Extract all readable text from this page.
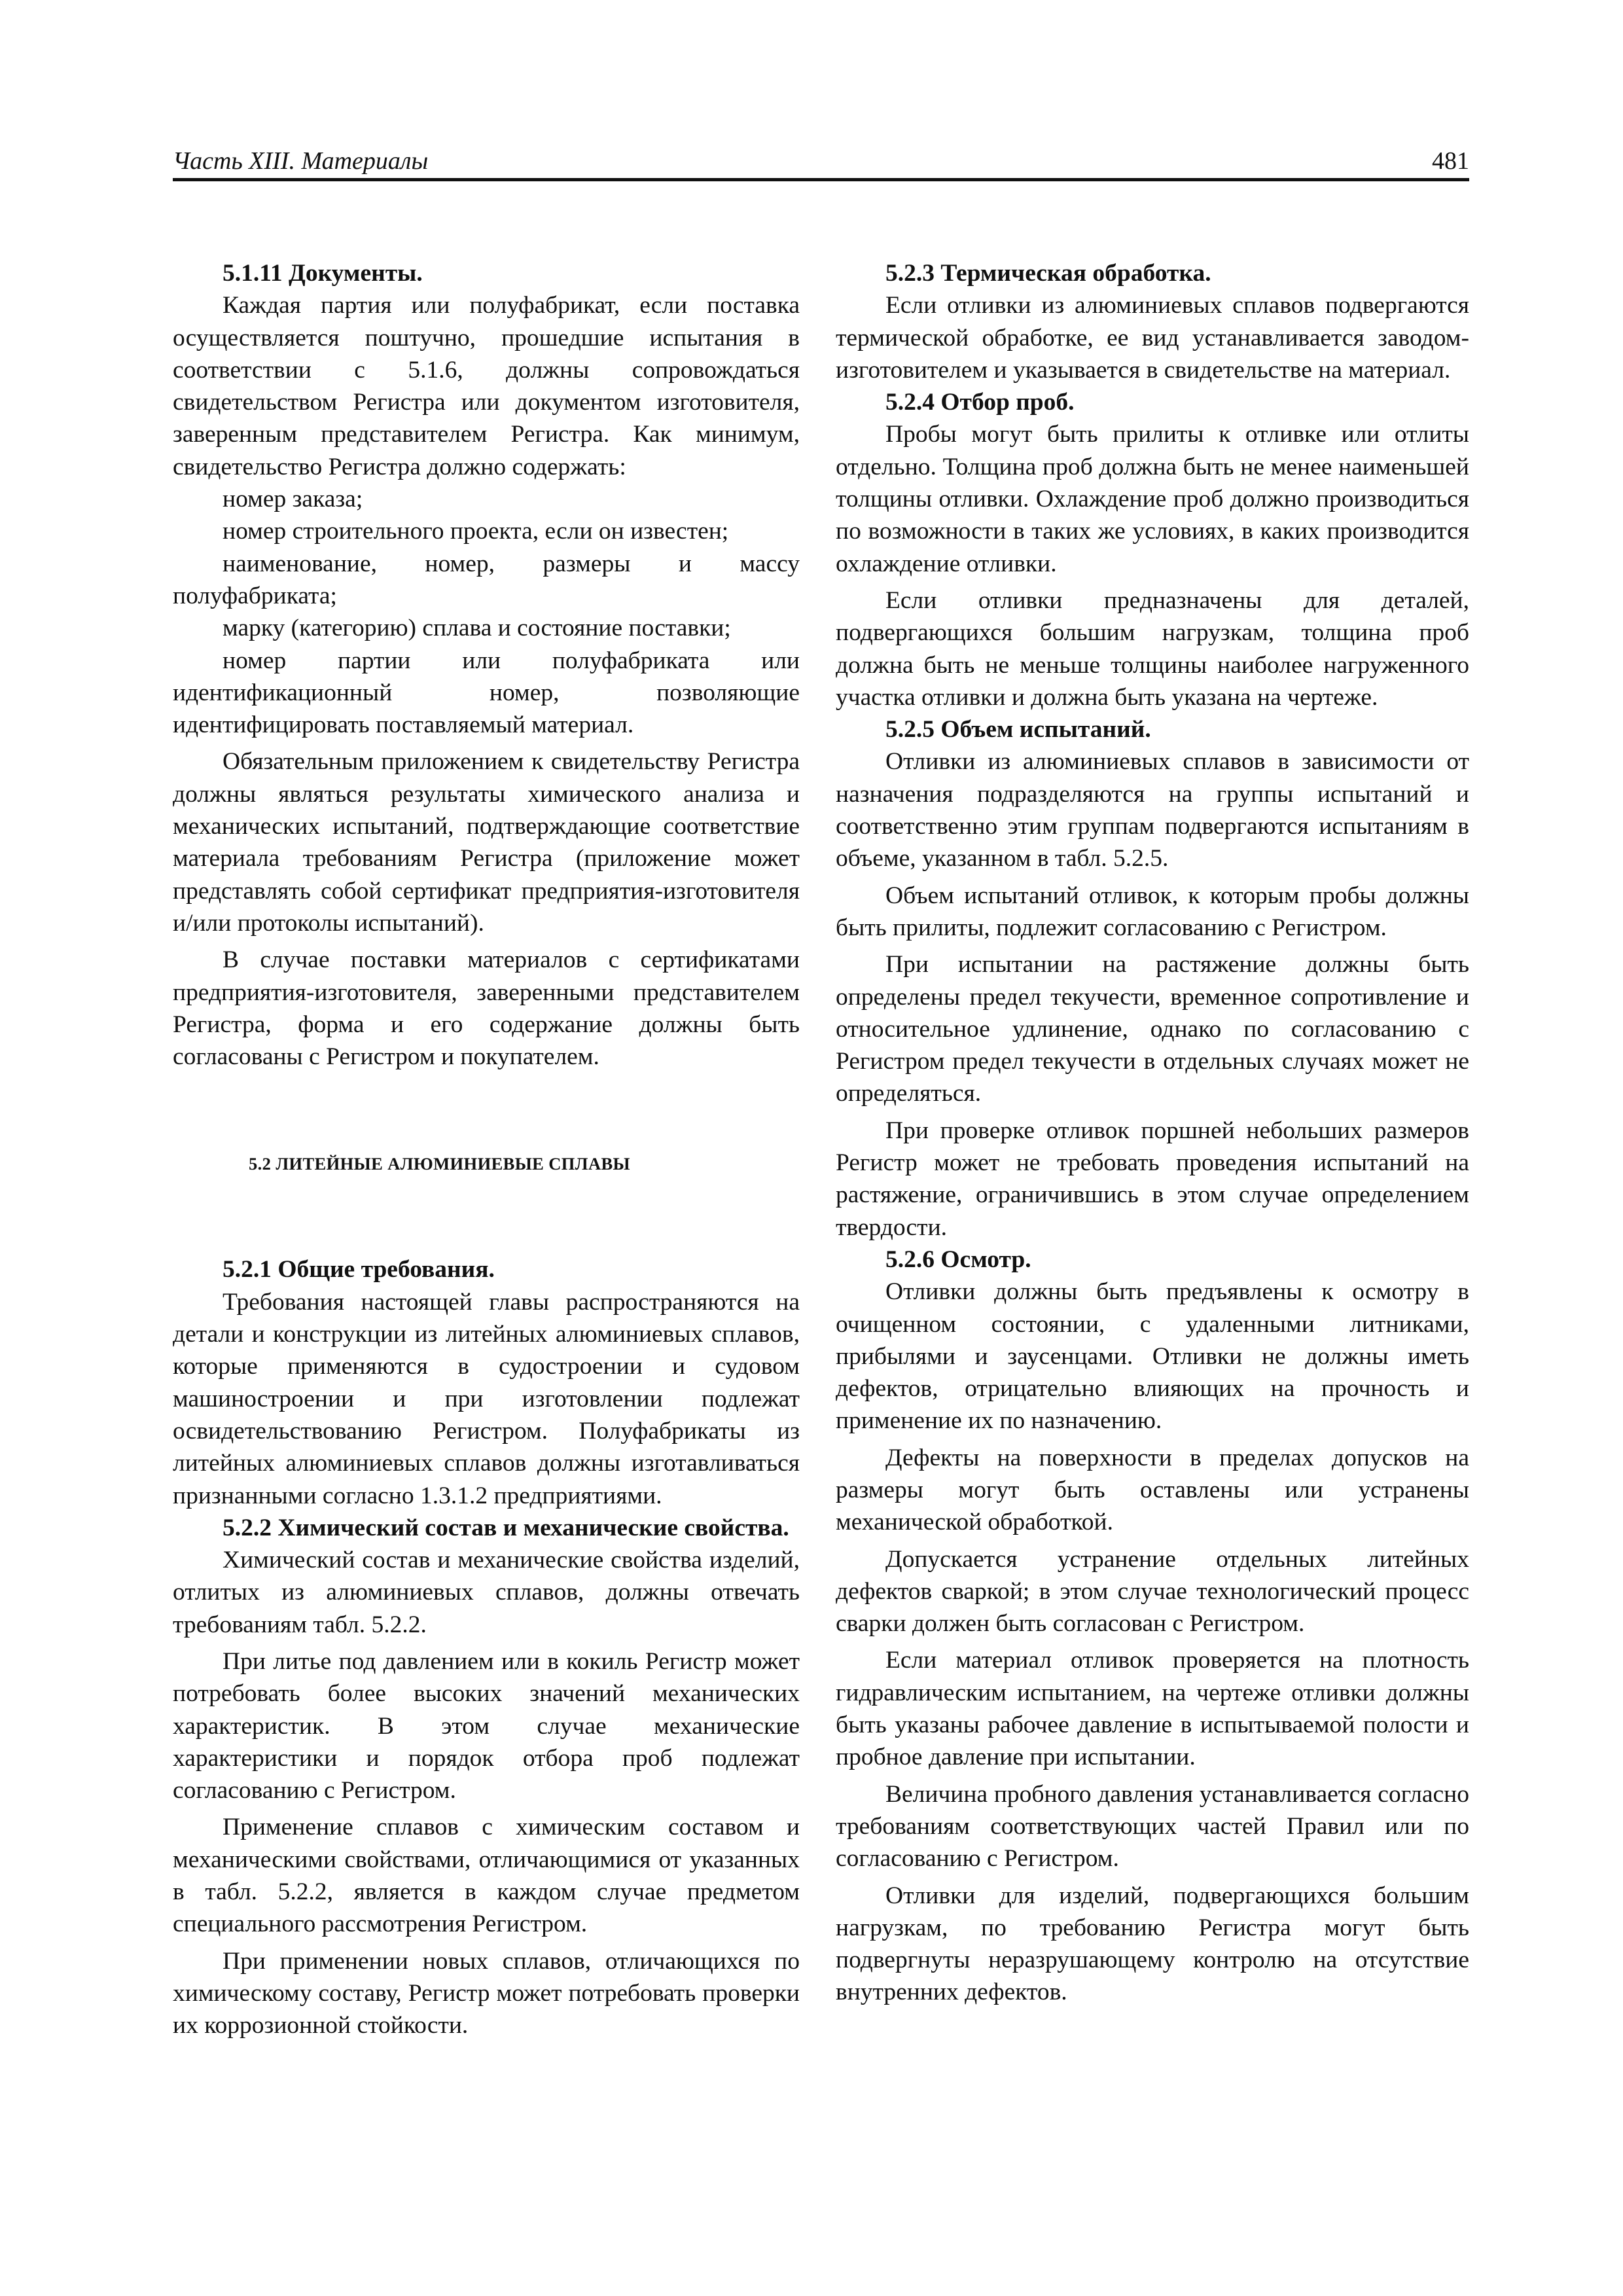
Часть XIII. Материалы	481

5.1.11 Документы.

Каждая партия или полуфабрикат, если поставка осуществляется поштучно, прошедшие испытания в соответствии с 5.1.6, должны сопровождаться свидетельством Регистра или документом изготовителя, заверенным представителем Регистра. Как минимум, свидетельство Регистра должно содержать:

номер заказа;

номер строительного проекта, если он известен;

наименование, номер, размеры и массу полуфабриката;

марку (категорию) сплава и состояние поставки;

номер партии или полуфабриката или идентификационный номер, позволяющие идентифицировать поставляемый материал.

Обязательным приложением к свидетельству Регистра должны являться результаты химического анализа и механических испытаний, подтверждающие соответствие материала требованиям Регистра (приложение может представлять собой сертификат предприятия-изготовителя и/или протоколы испытаний).

В случае поставки материалов с сертификатами предприятия-изготовителя, заверенными представителем Регистра, форма и его содержание должны быть согласованы с Регистром и покупателем.

5.2 ЛИТЕЙНЫЕ АЛЮМИНИЕВЫЕ СПЛАВЫ

5.2.1 Общие требования.

Требования настоящей главы распространяются на детали и конструкции из литейных алюминиевых сплавов, которые применяются в судостроении и судовом машиностроении и при изготовлении подлежат освидетельствованию Регистром. Полуфабрикаты из литейных алюминиевых сплавов должны изготавливаться признанными согласно 1.3.1.2 предприятиями.

5.2.2 Химический состав и механические свойства.

Химический состав и механические свойства изделий, отлитых из алюминиевых сплавов, должны отвечать требованиям табл. 5.2.2.

При литье под давлением или в кокиль Регистр может потребовать более высоких значений механических характеристик. В этом случае механические характеристики и порядок отбора проб подлежат согласованию с Регистром.

Применение сплавов с химическим составом и механическими свойствами, отличающимися от указанных в табл. 5.2.2, является в каждом случае предметом специального рассмотрения Регистром.

При применении новых сплавов, отличающихся по химическому составу, Регистр может потребовать проверки их коррозионной стойкости.

5.2.3 Термическая обработка.

Если отливки из алюминиевых сплавов подвергаются термической обработке, ее вид устанавливается заводом-изготовителем и указывается в свидетельстве на материал.

5.2.4 Отбор проб.

Пробы могут быть прилиты к отливке или отлиты отдельно. Толщина проб должна быть не менее наименьшей толщины отливки. Охлаждение проб должно производиться по возможности в таких же условиях, в каких производится охлаждение отливки.

Если отливки предназначены для деталей, подвергающихся большим нагрузкам, толщина проб должна быть не меньше толщины наиболее нагруженного участка отливки и должна быть указана на чертеже.

5.2.5 Объем испытаний.

Отливки из алюминиевых сплавов в зависимости от назначения подразделяются на группы испытаний и соответственно этим группам подвергаются испытаниям в объеме, указанном в табл. 5.2.5.

Объем испытаний отливок, к которым пробы должны быть прилиты, подлежит согласованию с Регистром.

При испытании на растяжение должны быть определены предел текучести, временное сопротивление и относительное удлинение, однако по согласованию с Регистром предел текучести в отдельных случаях может не определяться.

При проверке отливок поршней небольших размеров Регистр может не требовать проведения испытаний на растяжение, ограничившись в этом случае определением твердости.

5.2.6 Осмотр.

Отливки должны быть предъявлены к осмотру в очищенном состоянии, с удаленными литниками, прибылями и заусенцами. Отливки не должны иметь дефектов, отрицательно влияющих на прочность и применение их по назначению.

Дефекты на поверхности в пределах допусков на размеры могут быть оставлены или устранены механической обработкой.

Допускается устранение отдельных литейных дефектов сваркой; в этом случае технологический процесс сварки должен быть согласован с Регистром.

Если материал отливок проверяется на плотность гидравлическим испытанием, на чертеже отливки должны быть указаны рабочее давление в испытываемой полости и пробное давление при испытании.

Величина пробного давления устанавливается согласно требованиям соответствующих частей Правил или по согласованию с Регистром.

Отливки для изделий, подвергающихся большим нагрузкам, по требованию Регистра могут быть подвергнуты неразрушающему контролю на отсутствие внутренних дефектов.
